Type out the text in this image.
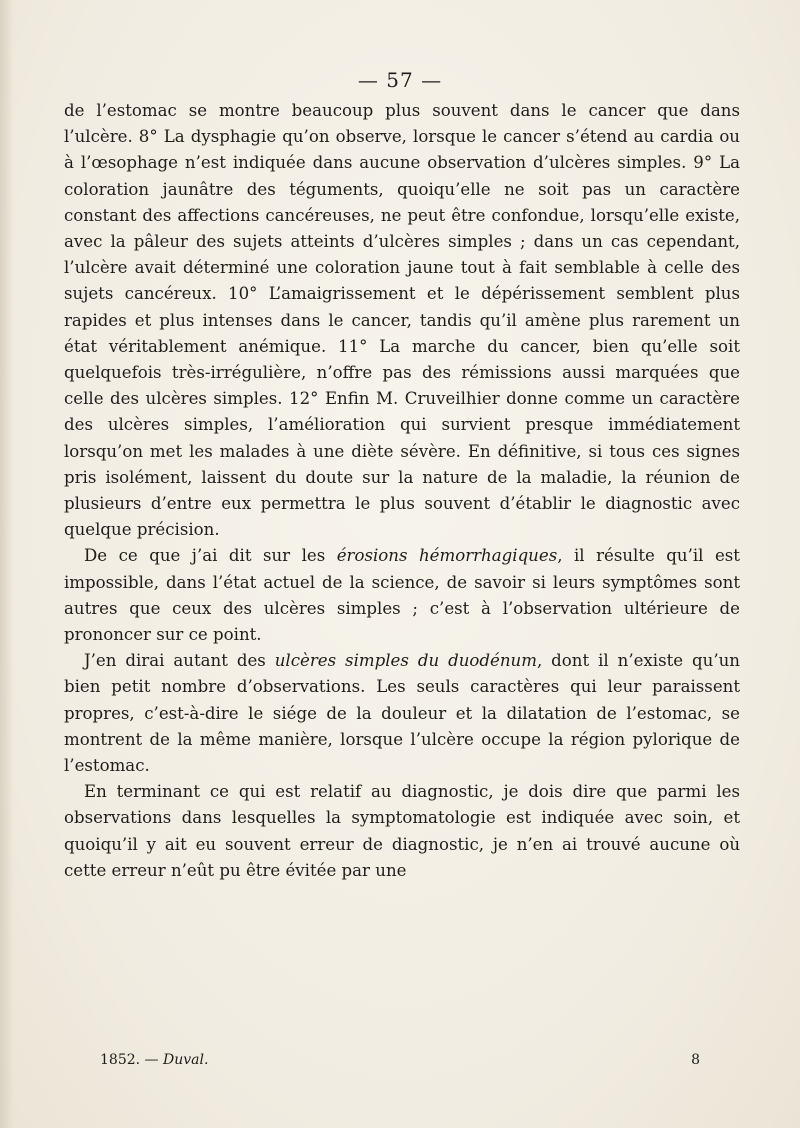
— 57 —

de l’estomac se montre beaucoup plus souvent dans le cancer que dans l’ulcère. 8° La dysphagie qu’on observe, lorsque le cancer s’étend au cardia ou à l’œsophage n’est indiquée dans aucune observation d’ulcères simples. 9° La coloration jaunâtre des téguments, quoiqu’elle ne soit pas un caractère constant des affections cancéreuses, ne peut être confondue, lorsqu’elle existe, avec la pâleur des sujets atteints d’ulcères simples ; dans un cas cependant, l’ulcère avait déterminé une coloration jaune tout à fait semblable à celle des sujets cancéreux. 10° L’amaigrissement et le dépérissement semblent plus rapides et plus intenses dans le cancer, tandis qu’il amène plus rarement un état véritablement anémique. 11° La marche du cancer, bien qu’elle soit quelquefois très-irrégulière, n’offre pas des rémissions aussi marquées que celle des ulcères simples. 12° Enfin M. Cruveilhier donne comme un caractère des ulcères simples, l’amélioration qui survient presque immédiatement lorsqu’on met les malades à une diète sévère. En définitive, si tous ces signes pris isolément, laissent du doute sur la nature de la maladie, la réunion de plusieurs d’entre eux permettra le plus souvent d’établir le diagnostic avec quelque précision.

De ce que j’ai dit sur les érosions hémorrhagiques, il résulte qu’il est impossible, dans l’état actuel de la science, de savoir si leurs symptômes sont autres que ceux des ulcères simples ; c’est à l’observation ultérieure de prononcer sur ce point.

J’en dirai autant des ulcères simples du duodénum, dont il n’existe qu’un bien petit nombre d’observations. Les seuls caractères qui leur paraissent propres, c’est-à-dire le siége de la douleur et la dilatation de l’estomac, se montrent de la même manière, lorsque l’ulcère occupe la région pylorique de l’estomac.

En terminant ce qui est relatif au diagnostic, je dois dire que parmi les observations dans lesquelles la symptomatologie est indiquée avec soin, et quoiqu’il y ait eu souvent erreur de diagnostic, je n’en ai trouvé aucune où cette erreur n’eût pu être évitée par une

1852. — Duval.	8
